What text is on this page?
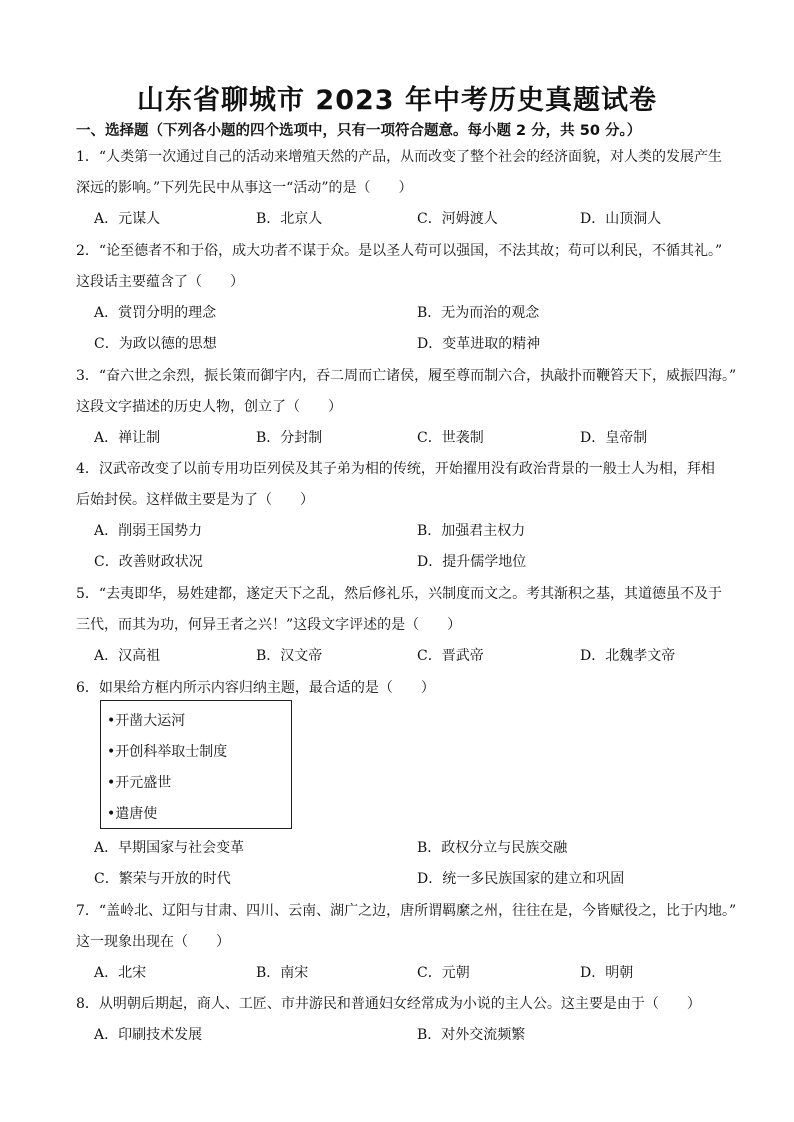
山东省聊城市 2023 年中考历史真题试卷
一、选择题（下列各小题的四个选项中，只有一项符合题意。每小题 2 分，共 50 分。）
1．“人类第一次通过自己的活动来增殖天然的产品，从而改变了整个社会的经济面貌，对人类的发展产生
深远的影响。”下列先民中从事这一“活动”的是（　　）
A．元谋人	B．北京人	C．河姆渡人	D．山顶洞人
2．“论至德者不和于俗，成大功者不谋于众。是以圣人苟可以强国，不法其故；苟可以利民，不循其礼。”
这段话主要蕴含了（　　）
A．赏罚分明的理念	B．无为而治的观念
C．为政以德的思想	D．变革进取的精神
3．“奋六世之余烈，振长策而御宇内，吞二周而亡诸侯，履至尊而制六合，执敲扑而鞭笞天下，威振四海。”
这段文字描述的历史人物，创立了（　　）
A．禅让制	B．分封制	C．世袭制	D．皇帝制
4．汉武帝改变了以前专用功臣列侯及其子弟为相的传统，开始擢用没有政治背景的一般士人为相，拜相
后始封侯。这样做主要是为了（　　）
A．削弱王国势力	B．加强君主权力
C．改善财政状况	D．提升儒学地位
5．“去夷即华，易姓建都，遂定天下之乱，然后修礼乐，兴制度而文之。考其渐积之基，其道德虽不及于
三代，而其为功，何异王者之兴！”这段文字评述的是（　　）
A．汉高祖	B．汉文帝	C．晋武帝	D．北魏孝文帝
6．如果给方框内所示内容归纳主题，最合适的是（　　）
•开凿大运河
•开创科举取士制度
•开元盛世
•遣唐使
A．早期国家与社会变革	B．政权分立与民族交融
C．繁荣与开放的时代	D．统一多民族国家的建立和巩固
7．“盖岭北、辽阳与甘肃、四川、云南、湖广之边，唐所谓羁縻之州，往往在是，今皆赋役之，比于内地。”
这一现象出现在（　　）
A．北宋	B．南宋	C．元朝	D．明朝
8．从明朝后期起，商人、工匠、市井游民和普通妇女经常成为小说的主人公。这主要是由于（　　）
A．印刷技术发展	B．对外交流频繁
